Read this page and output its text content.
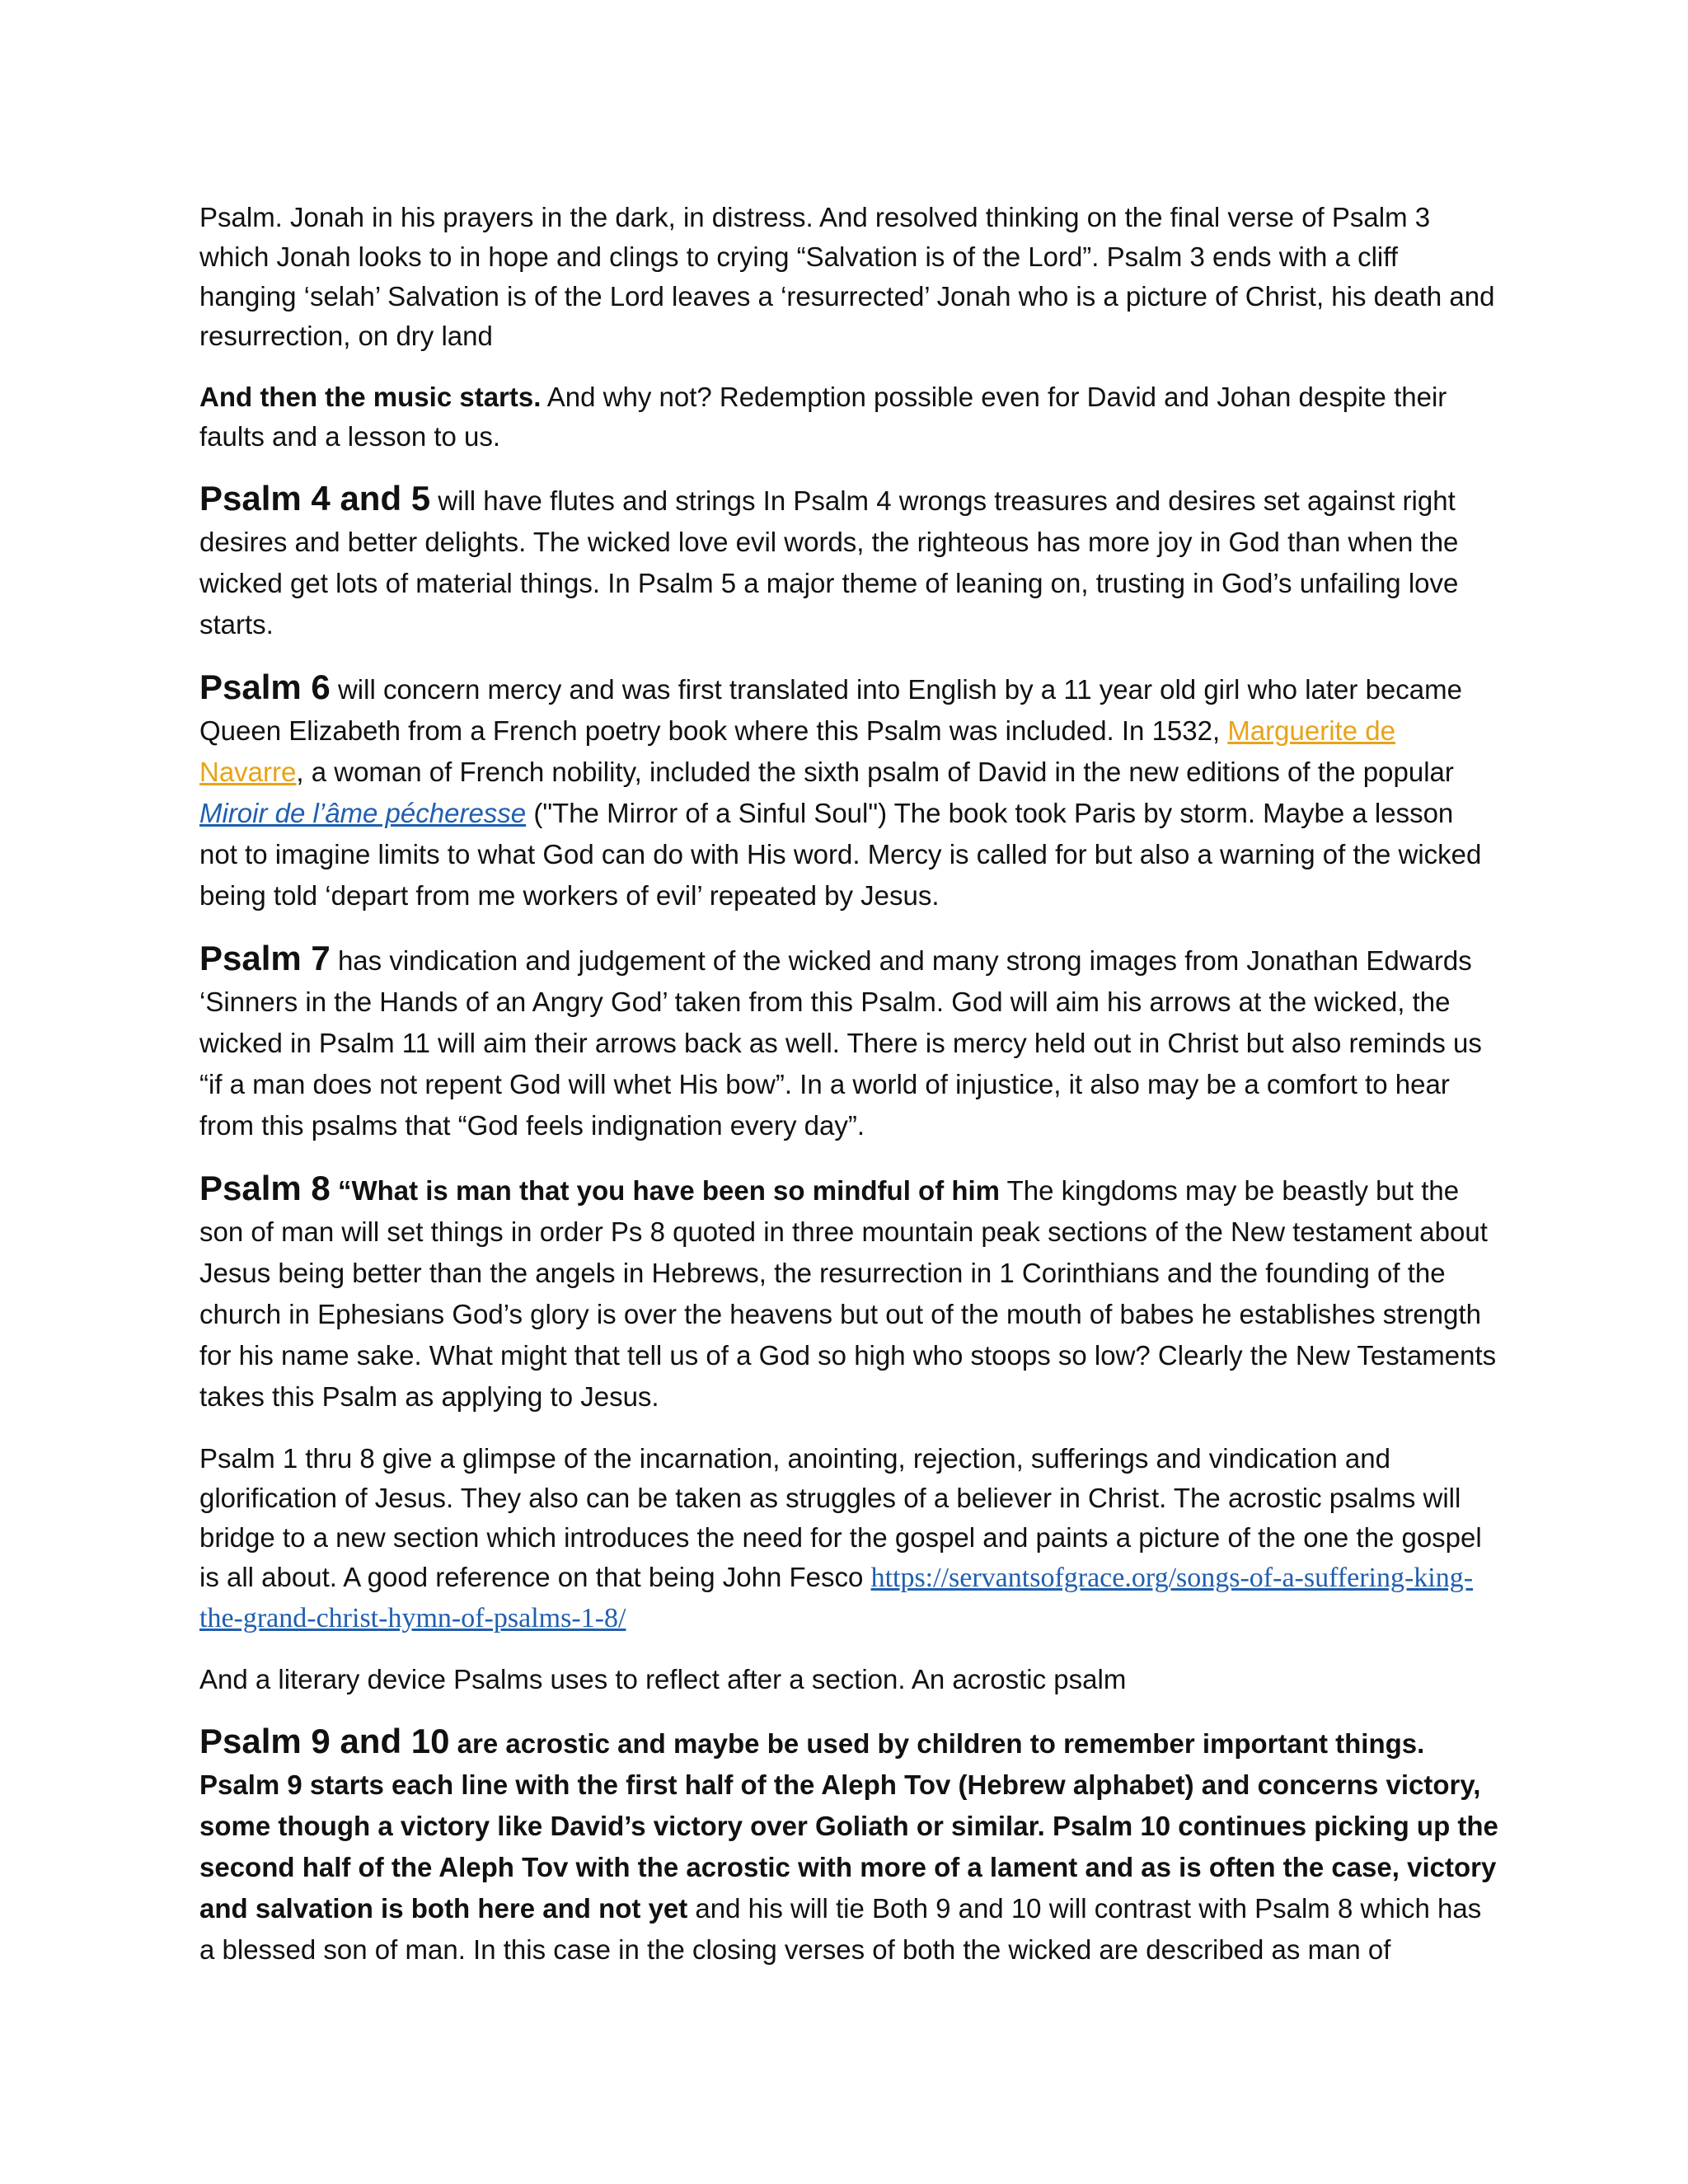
Psalm. Jonah in his prayers in the dark, in distress. And resolved thinking on the final verse of Psalm 3 which Jonah looks to in hope and clings to crying “Salvation is of the Lord”. Psalm 3 ends with a cliff hanging ‘selah’ Salvation is of the Lord leaves a ‘resurrected’ Jonah who is a picture of Christ, his death and resurrection, on dry land

And then the music starts. And why not? Redemption possible even for David and Johan despite their faults and a lesson to us.

Psalm 4 and 5 will have flutes and strings In Psalm 4 wrongs treasures and desires set against right desires and better delights. The wicked love evil words, the righteous has more joy in God than when the wicked get lots of material things. In Psalm 5 a major theme of leaning on, trusting in God’s unfailing love starts.

Psalm 6 will concern mercy and was first translated into English by a 11 year old girl who later became Queen Elizabeth from a French poetry book where this Psalm was included. In 1532, Marguerite de Navarre, a woman of French nobility, included the sixth psalm of David in the new editions of the popular Miroir de l’âme pécheresse ("The Mirror of a Sinful Soul") The book took Paris by storm. Maybe a lesson not to imagine limits to what God can do with His word. Mercy is called for but also a warning of the wicked being told ‘depart from me workers of evil’ repeated by Jesus.

Psalm 7 has vindication and judgement of the wicked and many strong images from Jonathan Edwards ‘Sinners in the Hands of an Angry God’ taken from this Psalm. God will aim his arrows at the wicked, the wicked in Psalm 11 will aim their arrows back as well. There is mercy held out in Christ but also reminds us “if a man does not repent God will whet His bow”. In a world of injustice, it also may be a comfort to hear from this psalms that “God feels indignation every day”.

Psalm 8 “What is man that you have been so mindful of him The kingdoms may be beastly but the son of man will set things in order Ps 8 quoted in three mountain peak sections of the New testament about Jesus being better than the angels in Hebrews, the resurrection in 1 Corinthians and the founding of the church in Ephesians God’s glory is over the heavens but out of the mouth of babes he establishes strength for his name sake. What might that tell us of a God so high who stoops so low? Clearly the New Testaments takes this Psalm as applying to Jesus.

Psalm 1 thru 8 give a glimpse of the incarnation, anointing, rejection, sufferings and vindication and glorification of Jesus. They also can be taken as struggles of a believer in Christ. The acrostic psalms will bridge to a new section which introduces the need for the gospel and paints a picture of the one the gospel is all about. A good reference on that being John Fesco https://servantsofgrace.org/songs-of-a-suffering-king-the-grand-christ-hymn-of-psalms-1-8/

And a literary device Psalms uses to reflect after a section. An acrostic psalm

Psalm 9 and 10 are acrostic and maybe be used by children to remember important things. Psalm 9 starts each line with the first half of the Aleph Tov (Hebrew alphabet) and concerns victory, some though a victory like David’s victory over Goliath or similar. Psalm 10 continues picking up the second half of the Aleph Tov with the acrostic with more of a lament and as is often the case, victory and salvation is both here and not yet and his will tie Both 9 and 10 will contrast with Psalm 8 which has a blessed son of man. In this case in the closing verses of both the wicked are described as man of
